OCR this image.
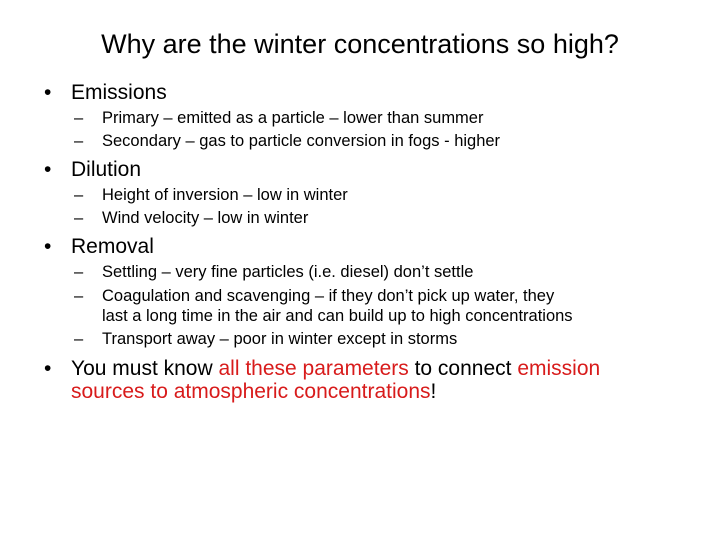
Why are the winter concentrations so high?
• Emissions
– Primary – emitted as a particle – lower than summer
– Secondary – gas to particle conversion in fogs - higher
• Dilution
– Height of inversion – low in winter
– Wind velocity – low in winter
• Removal
– Settling – very fine particles (i.e. diesel) don’t settle
– Coagulation and scavenging – if they don’t pick up water, they
last a long time in the air and can build up to high concentrations
– Transport away – poor in winter except in storms
• You must know all these parameters to connect emission
sources to atmospheric concentrations!
